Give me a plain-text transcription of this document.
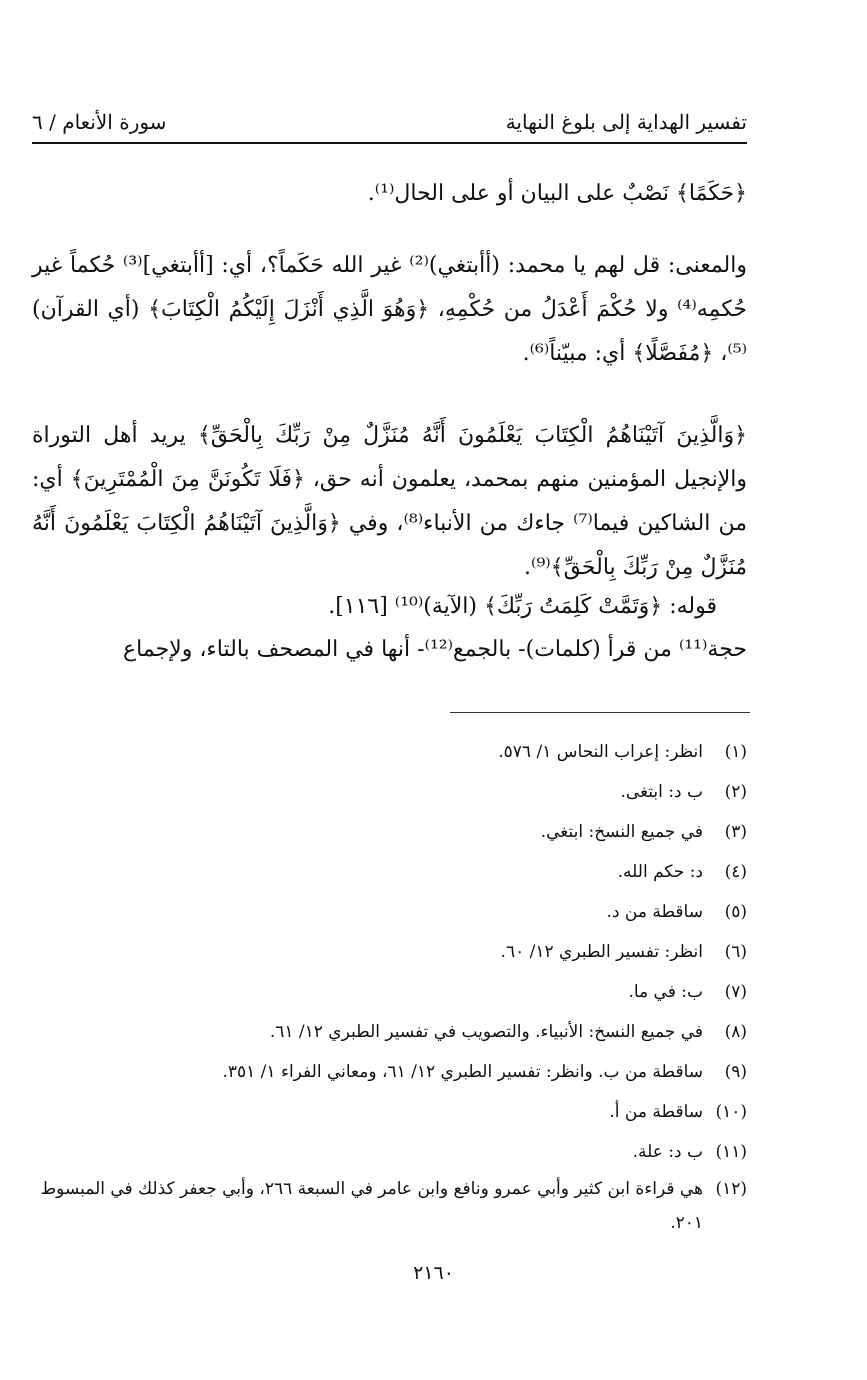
تفسير الهداية إلى بلوغ النهاية
سورة الأنعام / ٦
﴿حَكَمًا﴾ نَصْبٌ على البيان أو على الحال⁽¹⁾.
والمعنى: قل لهم يا محمد: (أأبتغي)⁽²⁾ غير الله حَكَماً؟، أي: [أأبتغي]⁽³⁾ حُكماً غير حُكمِه⁽⁴⁾ ولا حُكْمَ أَعْدَلُ من حُكْمِهِ، ﴿وَهُوَ الَّذِي أَنْزَلَ إِلَيْكُمُ الْكِتَابَ﴾ (أي القرآن)⁽⁵⁾، ﴿مُفَصَّلًا﴾ أي: مبيّناً⁽⁶⁾.
﴿وَالَّذِينَ آتَيْنَاهُمُ الْكِتَابَ يَعْلَمُونَ أَنَّهُ مُنَزَّلٌ مِنْ رَبِّكَ بِالْحَقِّ﴾ يريد أهل التوراة والإنجيل المؤمنين منهم بمحمد، يعلمون أنه حق، ﴿فَلَا تَكُونَنَّ مِنَ الْمُمْتَرِينَ﴾ أي: من الشاكين فيما⁽⁷⁾ جاءك من الأنباء⁽⁸⁾، وفي ﴿وَالَّذِينَ آتَيْنَاهُمُ الْكِتَابَ يَعْلَمُونَ أَنَّهُ مُنَزَّلٌ مِنْ رَبِّكَ بِالْحَقِّ﴾⁽⁹⁾.
قوله: ﴿وَتَمَّتْ كَلِمَتُ رَبِّكَ﴾ (الآية)⁽¹⁰⁾ [١١٦].
حجة⁽¹¹⁾ من قرأ (كلمات)- بالجمع⁽¹²⁾- أنها في المصحف بالتاء، ولإجماع
(١)
انظر: إعراب النحاس ١/ ٥٧٦.
(٢)
ب د: ابتغى.
(٣)
في جميع النسخ: ابتغي.
(٤)
د: حكم الله.
(٥)
ساقطة من د.
(٦)
انظر: تفسير الطبري ١٢/ ٦٠.
(٧)
ب: في ما.
(٨)
في جميع النسخ: الأنبياء. والتصويب في تفسير الطبري ١٢/ ٦١.
(٩)
ساقطة من ب. وانظر: تفسير الطبري ١٢/ ٦١، ومعاني الفراء ١/ ٣٥١.
(١٠)
ساقطة من أ.
(١١)
ب د: علة.
(١٢)
هي قراءة ابن كثير وأبي عمرو ونافع وابن عامر في السبعة ٢٦٦، وأبي جعفر كذلك في المبسوط ٢٠١.
٢١٦٠
